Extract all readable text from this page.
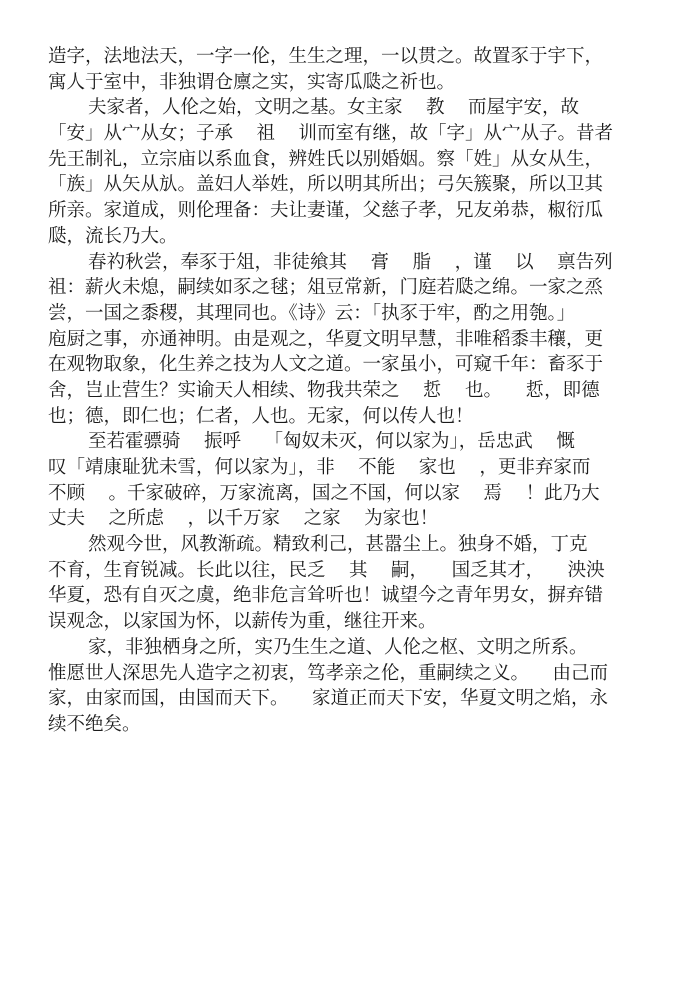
造字，法地法天，一字一伦，生生之理，一以贯之。故置豕于宇下，
寓人于室中，非独谓仓廪之实，实寄瓜瓞之祈也。
夫家者，人伦之始，文明之基。女主家    教    而屋宇安，故
「安」从宀从女；子承    祖    训而室有继，故「字」从宀从子。昔者
先王制礼，立宗庙以系血食，辨姓氏以别婚姻。察「姓」从女从生，
「族」从矢从㫃。盖妇人举姓，所以明其所出；弓矢簇聚，所以卫其
所亲。家道成，则伦理备：夫让妻谨，父慈子孝，兄友弟恭，椒衍瓜
瓞，流长乃大。
春礿秋尝，奉豕于俎，非徒飨其    膏    脂    ，谨    以    禀告列
祖：薪火未熄，嗣续如豕之毬；俎豆常新，门庭若瓞之绵。一家之烝
尝，一国之黍稷，其理同也。《诗》云：「执豕于牢，酌之用匏。」
庖厨之事，亦通神明。由是观之，华夏文明早慧，非唯稻黍丰穰，更
在观物取象，化生养之技为人文之道。一家虽小，可窥千年：畜豕于
舍，岂止营生？实谕天人相续、物我共荣之    悊    也。    悊，即德
也；德，即仁也；仁者，人也。无家，何以传人也！
至若霍骠骑    振呼    「匈奴未灭，何以家为」，岳忠武    慨
叹「靖康耻犹未雪，何以家为」，非    不能    家也    ，更非弃家而
不顾    。千家破碎，万家流离，国之不国，何以家    焉    ！此乃大
丈夫    之所虑    ，以千万家    之家    为家也！
然观今世，风教渐疏。精致利己，甚嚣尘上。独身不婚，丁克
不育，生育锐减。长此以往，民乏    其    嗣，    国乏其才，    泱泱
华夏，恐有自灭之虞，绝非危言耸听也！诚望今之青年男女，摒弃错
误观念，以家国为怀，以薪传为重，继往开来。
家，非独栖身之所，实乃生生之道、人伦之枢、文明之所系。
惟愿世人深思先人造字之初衷，笃孝亲之伦，重嗣续之义。    由己而
家，由家而国，由国而天下。    家道正而天下安，华夏文明之焰，永
续不绝矣。
